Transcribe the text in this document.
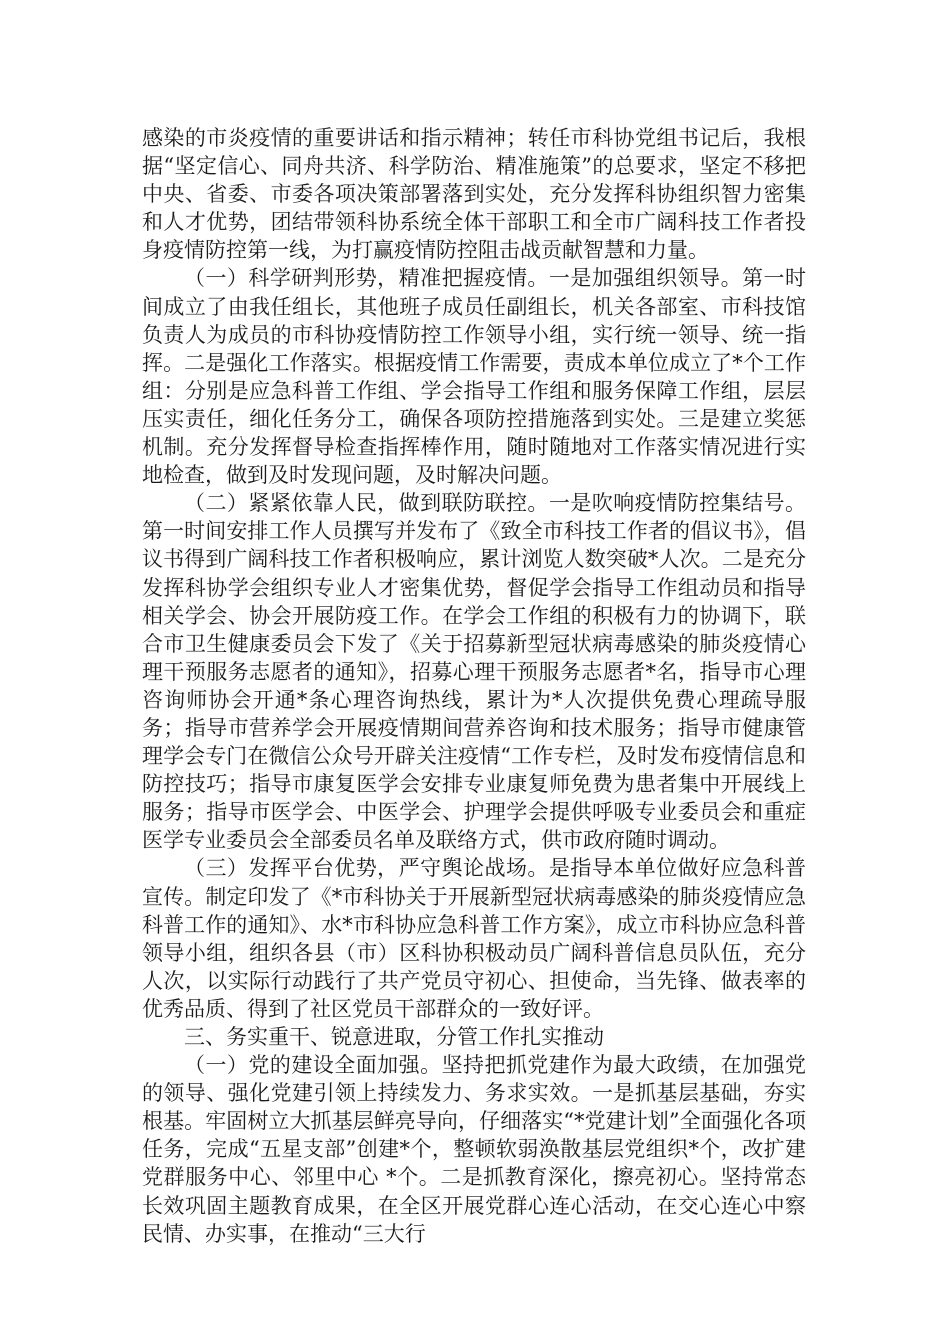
感染的市炎疫情的重要讲话和指示精神；转任市科协党组书记后，我根据“坚定信心、同舟共济、科学防治、精准施策”的总要求，坚定不移把中央、省委、市委各项决策部署落到实处，充分发挥科协组织智力密集和人才优势，团结带领科协系统全体干部职工和全市广阔科技工作者投身疫情防控第一线，为打赢疫情防控阻击战贡献智慧和力量。

（一）科学研判形势，精准把握疫情。一是加强组织领导。第一时间成立了由我任组长，其他班子成员任副组长，机关各部室、市科技馆负责人为成员的市科协疫情防控工作领导小组，实行统一领导、统一指挥。二是强化工作落实。根据疫情工作需要，责成本单位成立了*个工作组：分别是应急科普工作组、学会指导工作组和服务保障工作组，层层压实责任，细化任务分工，确保各项防控措施落到实处。三是建立奖惩机制。充分发挥督导检查指挥棒作用，随时随地对工作落实情况进行实地检查，做到及时发现问题，及时解决问题。

（二）紧紧依靠人民，做到联防联控。一是吹响疫情防控集结号。第一时间安排工作人员撰写并发布了《致全市科技工作者的倡议书》，倡议书得到广阔科技工作者积极响应，累计浏览人数突破*人次。二是充分发挥科协学会组织专业人才密集优势，督促学会指导工作组动员和指导相关学会、协会开展防疫工作。在学会工作组的积极有力的协调下，联合市卫生健康委员会下发了《关于招募新型冠状病毒感染的肺炎疫情心理干预服务志愿者的通知》，招募心理干预服务志愿者*名，指导市心理咨询师协会开通*条心理咨询热线，累计为*人次提供免费心理疏导服务；指导市营养学会开展疫情期间营养咨询和技术服务；指导市健康管理学会专门在微信公众号开辟关注疫情“工作专栏，及时发布疫情信息和防控技巧；指导市康复医学会安排专业康复师免费为患者集中开展线上服务；指导市医学会、中医学会、护理学会提供呼吸专业委员会和重症医学专业委员会全部委员名单及联络方式，供市政府随时调动。

（三）发挥平台优势，严守舆论战场。是指导本单位做好应急科普宣传。制定印发了《*市科协关于开展新型冠状病毒感染的肺炎疫情应急科普工作的通知》、水*市科协应急科普工作方案》，成立市科协应急科普领导小组，组织各县（市）区科协积极动员广阔科普信息员队伍，充分人次，以实际行动践行了共产党员守初心、担使命，当先锋、做表率的优秀品质、得到了社区党员干部群众的一致好评。

三、务实重干、锐意进取，分管工作扎实推动

（一）党的建设全面加强。坚持把抓党建作为最大政绩，在加强党的领导、强化党建引领上持续发力、务求实效。一是抓基层基础，夯实根基。牢固树立大抓基层鲜亮导向，仔细落实“*党建计划”全面强化各项任务，完成“五星支部”创建*个，整顿软弱涣散基层党组织*个，改扩建党群服务中心、邻里中心 *个。二是抓教育深化，擦亮初心。坚持常态长效巩固主题教育成果，在全区开展党群心连心活动，在交心连心中察民情、办实事，在推动“三大行
